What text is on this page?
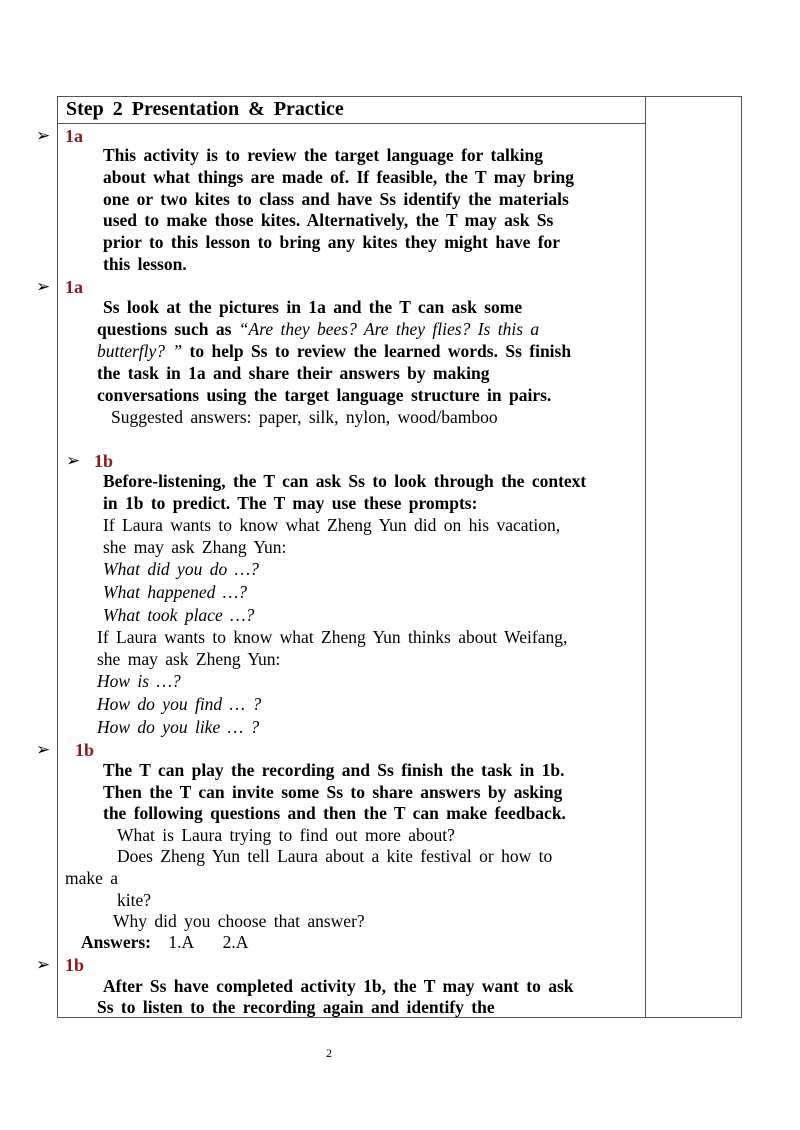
Step 2 Presentation & Practice
➢ 1a
This activity is to review the target language for talking
about what things are made of. If feasible, the T may bring
one or two kites to class and have Ss identify the materials
used to make those kites. Alternatively, the T may ask Ss
prior to this lesson to bring any kites they might have for
this lesson.
➢ 1a
Ss look at the pictures in 1a and the T can ask some
questions such as “Are they bees? Are they flies? Is this a
butterfly? ” to help Ss to review the learned words. Ss finish
the task in 1a and share their answers by making
conversations using the target language structure in pairs.
Suggested answers: paper, silk, nylon, wood/bamboo
➢ 1b
Before-listening, the T can ask Ss to look through the context
in 1b to predict. The T may use these prompts:
If Laura wants to know what Zheng Yun did on his vacation,
she may ask Zhang Yun:
What did you do …?
What happened …?
What took place …?
If Laura wants to know what Zheng Yun thinks about Weifang,
she may ask Zheng Yun:
How is …?
How do you find … ?
How do you like … ?
➢ 1b
The T can play the recording and Ss finish the task in 1b.
Then the T can invite some Ss to share answers by asking
the following questions and then the T can make feedback.
What is Laura trying to find out more about?
Does Zheng Yun tell Laura about a kite festival or how to
make a
kite?
Why did you choose that answer?
Answers: 1.A    2.A
➢ 1b
After Ss have completed activity 1b, the T may want to ask
Ss to listen to the recording again and identify the
2
